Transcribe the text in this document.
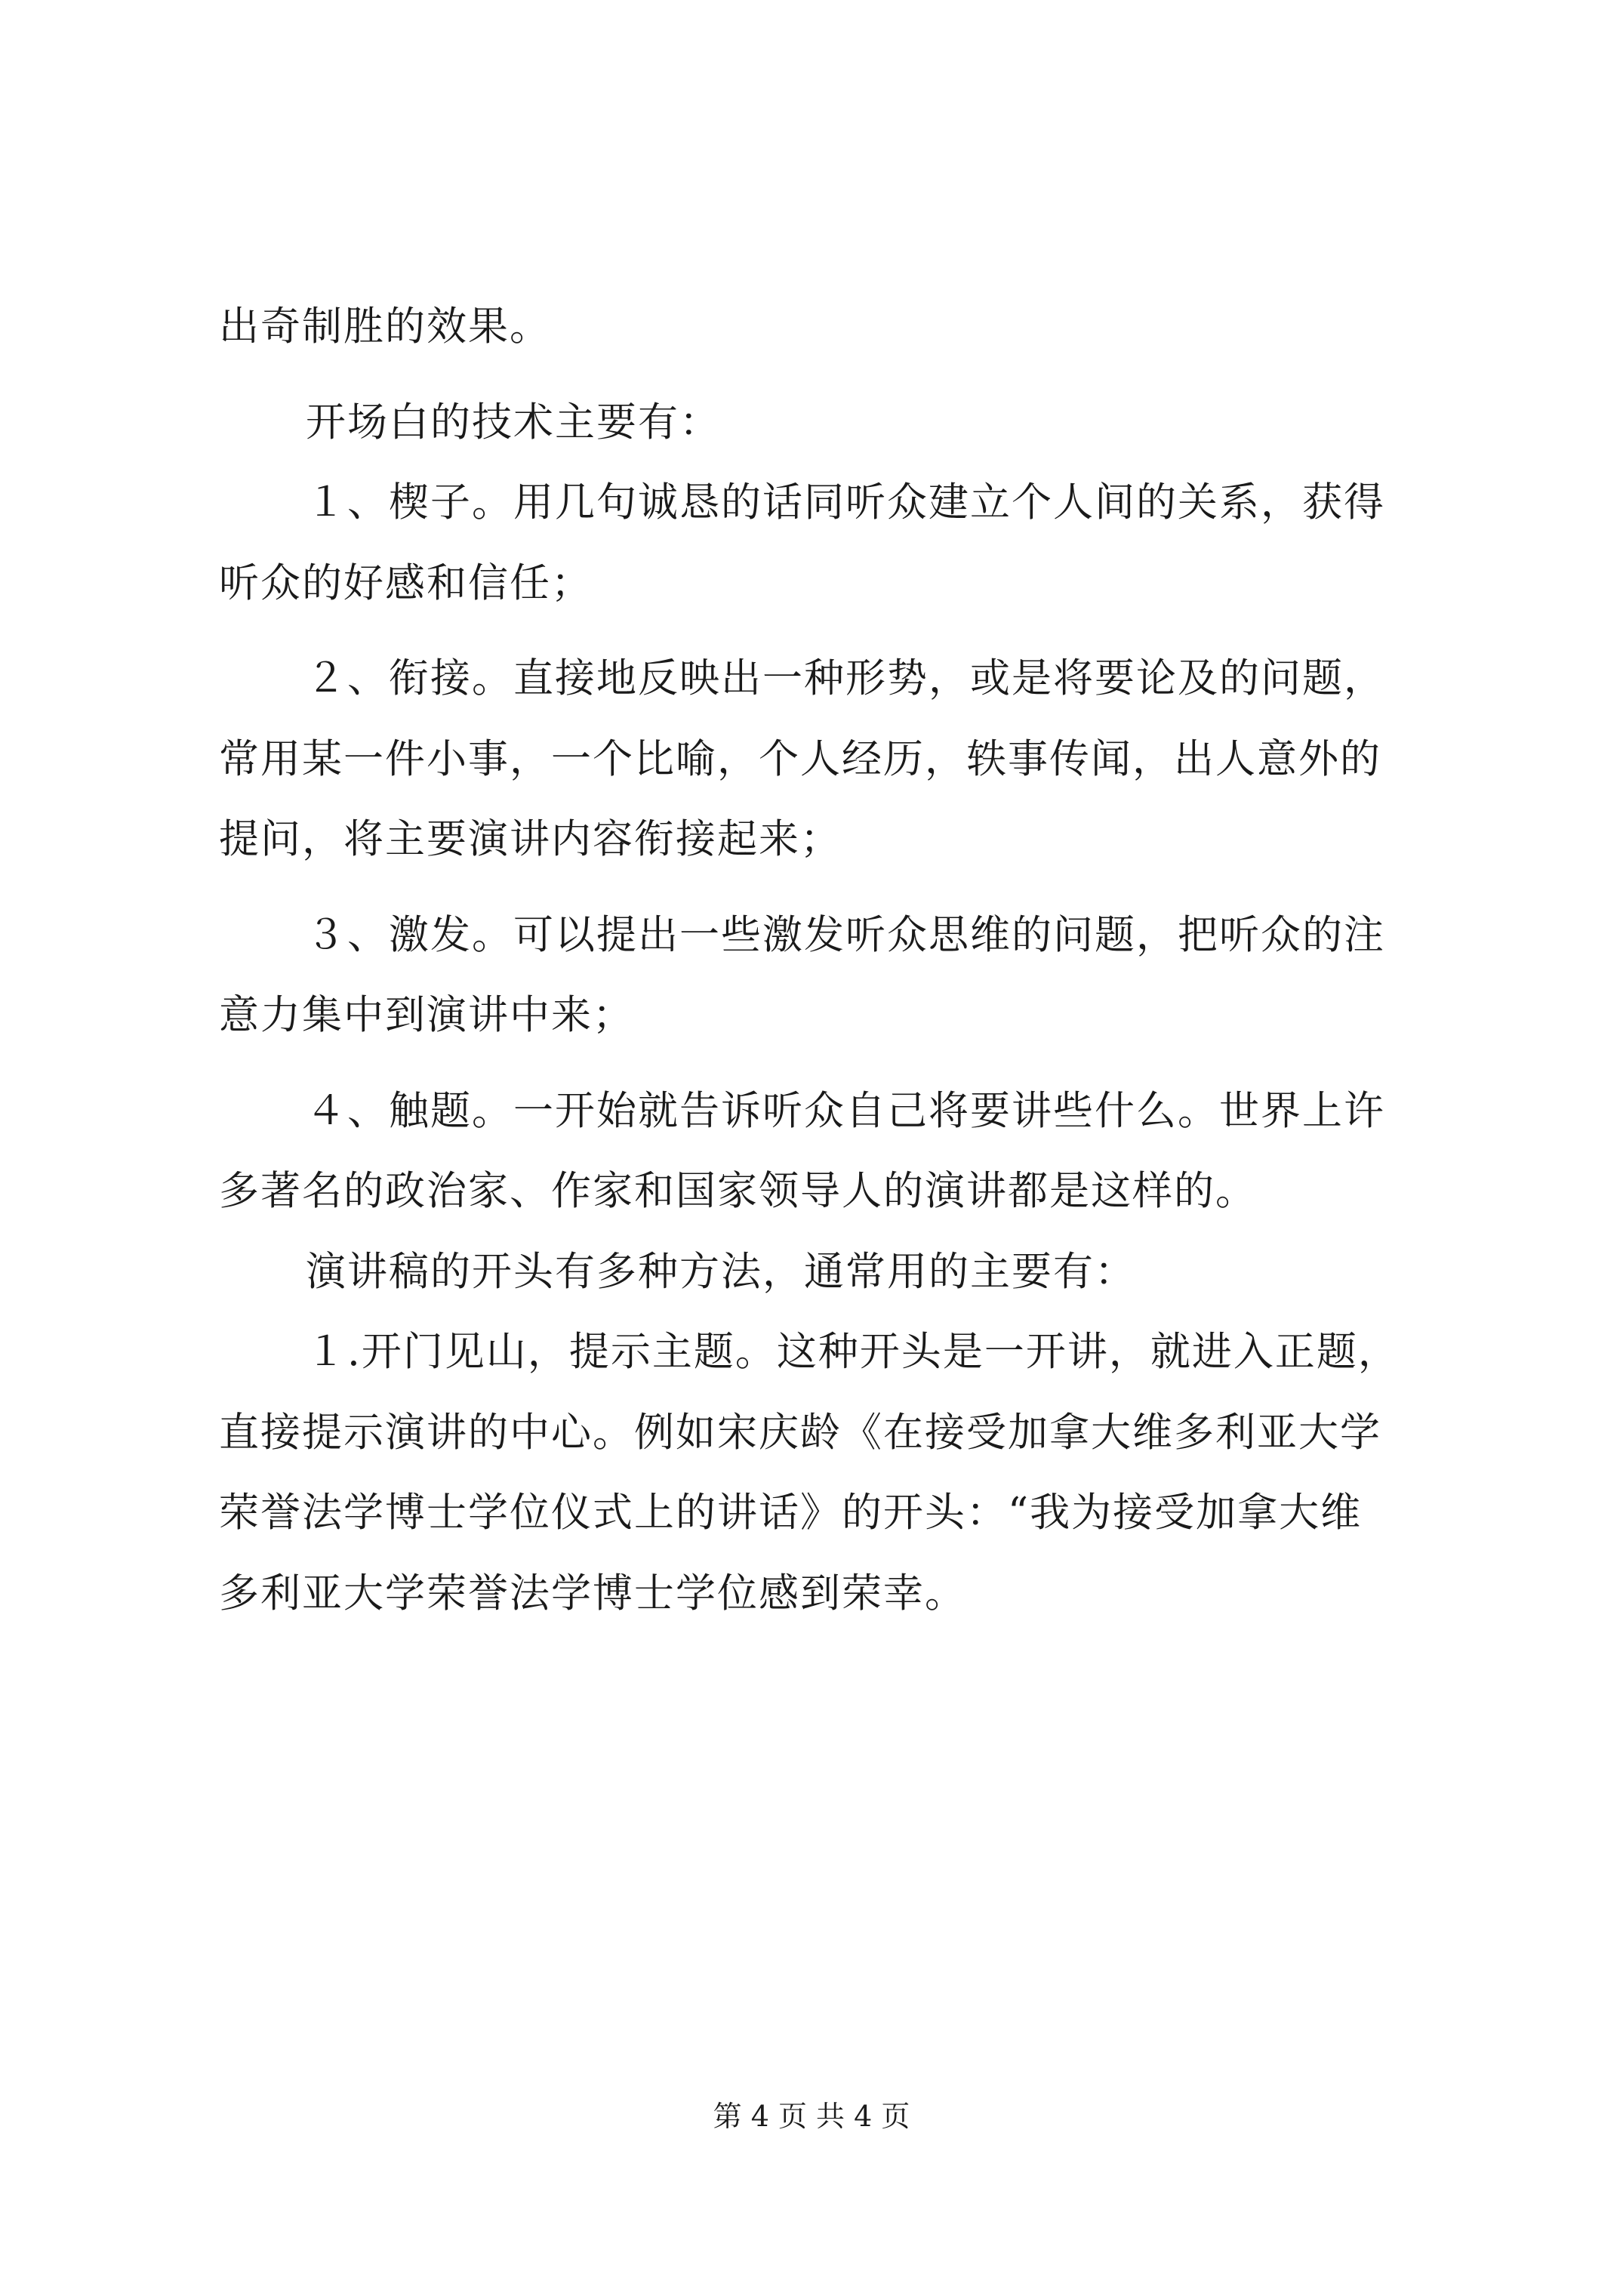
出奇制胜的效果。
开场白的技术主要有：
１、楔子。用几句诚恳的话同听众建立个人间的关系，获得
听众的好感和信任；
２、衔接。直接地反映出一种形势，或是将要论及的问题，
常用某一件小事，一个比喻，个人经历，轶事传闻，出人意外的
提问，将主要演讲内容衔接起来；
３、激发。可以提出一些激发听众思维的问题，把听众的注
意力集中到演讲中来；
４、触题。一开始就告诉听众自己将要讲些什么。世界上许
多著名的政治家、作家和国家领导人的演讲都是这样的。
演讲稿的开头有多种方法，通常用的主要有：
１.开门见山，提示主题。这种开头是一开讲，就进入正题，
直接提示演讲的中心。例如宋庆龄《在接受加拿大维多利亚大学
荣誉法学博士学位仪式上的讲话》的开头：“我为接受加拿大维
多利亚大学荣誉法学博士学位感到荣幸。
第 4 页 共 4 页
